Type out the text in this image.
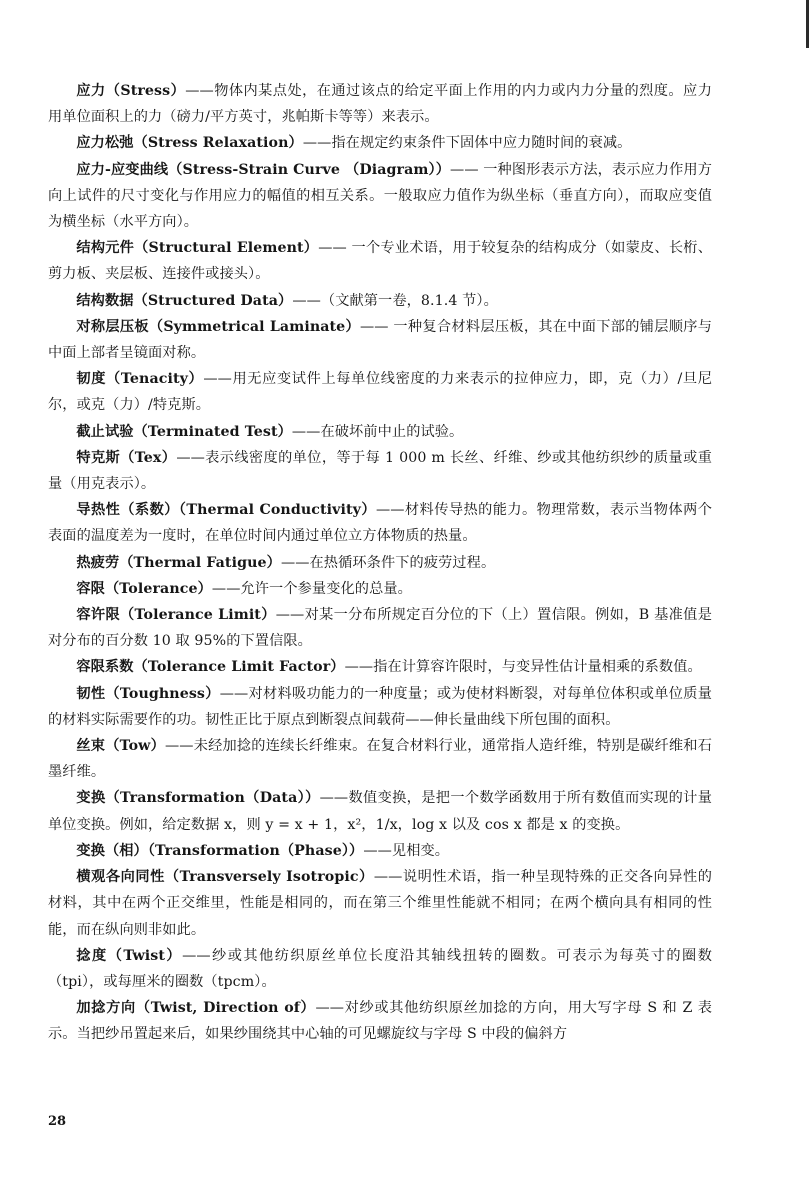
应力（Stress）——物体内某点处，在通过该点的给定平面上作用的内力或内力分量的烈度。应力用单位面积上的力（磅力/平方英寸，兆帕斯卡等等）来表示。

应力松弛（Stress Relaxation）——指在规定约束条件下固体中应力随时间的衰减。

应力-应变曲线（Stress-Strain Curve （Diagram））—— 一种图形表示方法，表示应力作用方向上试件的尺寸变化与作用应力的幅值的相互关系。一般取应力值作为纵坐标（垂直方向），而取应变值为横坐标（水平方向）。

结构元件（Structural Element）—— 一个专业术语，用于较复杂的结构成分（如蒙皮、长桁、剪力板、夹层板、连接件或接头）。

结构数据（Structured Data）——（文献第一卷，8.1.4 节）。

对称层压板（Symmetrical Laminate）—— 一种复合材料层压板，其在中面下部的铺层顺序与中面上部者呈镜面对称。

韧度（Tenacity）——用无应变试件上每单位线密度的力来表示的拉伸应力，即，克（力）/旦尼尔，或克（力）/特克斯。

截止试验（Terminated Test）——在破坏前中止的试验。

特克斯（Tex）——表示线密度的单位，等于每 1 000 m 长丝、纤维、纱或其他纺织纱的质量或重量（用克表示）。

导热性（系数）（Thermal Conductivity）——材料传导热的能力。物理常数，表示当物体两个表面的温度差为一度时，在单位时间内通过单位立方体物质的热量。

热疲劳（Thermal Fatigue）——在热循环条件下的疲劳过程。

容限（Tolerance）——允许一个参量变化的总量。

容许限（Tolerance Limit）——对某一分布所规定百分位的下（上）置信限。例如，B 基准值是对分布的百分数 10 取 95%的下置信限。

容限系数（Tolerance Limit Factor）——指在计算容许限时，与变异性估计量相乘的系数值。

韧性（Toughness）——对材料吸功能力的一种度量；或为使材料断裂，对每单位体积或单位质量的材料实际需要作的功。韧性正比于原点到断裂点间载荷——伸长量曲线下所包围的面积。

丝束（Tow）——未经加捻的连续长纤维束。在复合材料行业，通常指人造纤维，特别是碳纤维和石墨纤维。

变换（Transformation（Data））——数值变换，是把一个数学函数用于所有数值而实现的计量单位变换。例如，给定数据 x，则 y = x + 1，x²，1/x，log x 以及 cos x 都是 x 的变换。

变换（相）（Transformation（Phase））——见相变。

横观各向同性（Transversely Isotropic）——说明性术语，指一种呈现特殊的正交各向异性的材料，其中在两个正交维里，性能是相同的，而在第三个维里性能就不相同；在两个横向具有相同的性能，而在纵向则非如此。

捻度（Twist）——纱或其他纺织原丝单位长度沿其轴线扭转的圈数。可表示为每英寸的圈数（tpi），或每厘米的圈数（tpcm）。

加捻方向（Twist, Direction of）——对纱或其他纺织原丝加捻的方向，用大写字母 S 和 Z 表示。当把纱吊置起来后，如果纱围绕其中心轴的可见螺旋纹与字母 S 中段的偏斜方

28
